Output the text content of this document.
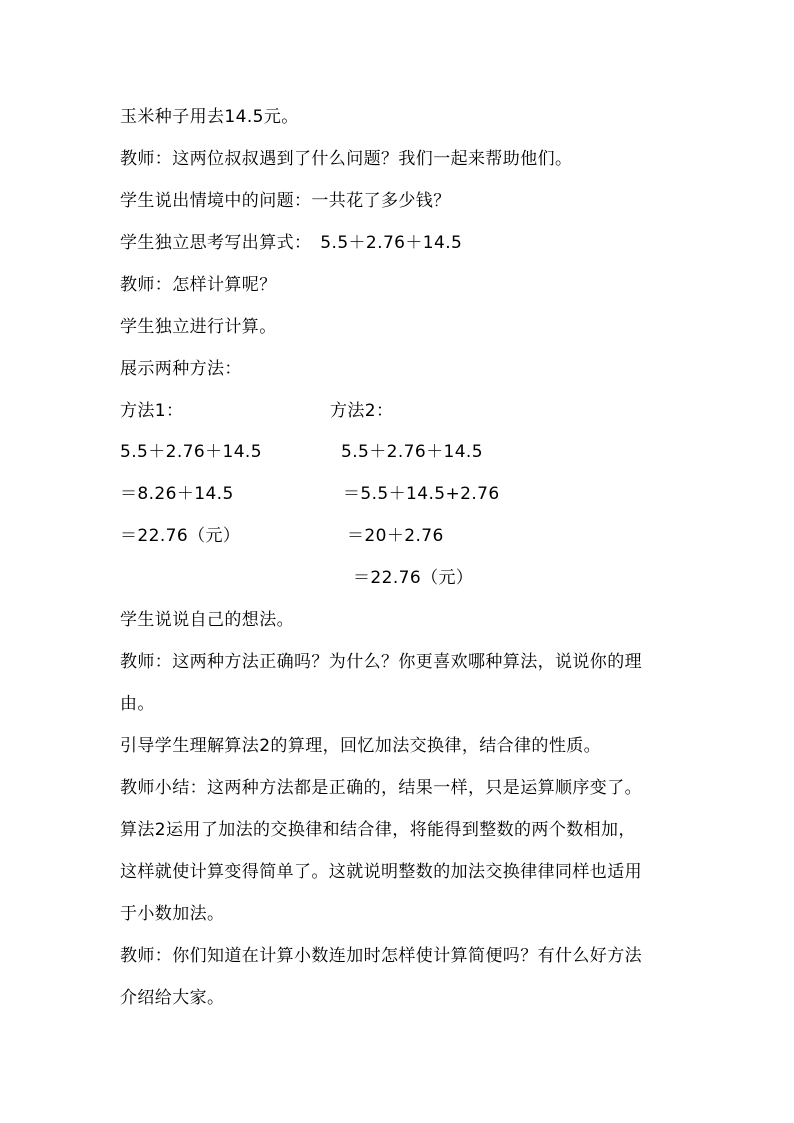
玉米种子用去14.5元。
教师：这两位叔叔遇到了什么问题？我们一起来帮助他们。
学生说出情境中的问题：一共花了多少钱？
学生独立思考写出算式：　5.5＋2.76＋14.5
教师：怎样计算呢？
学生独立进行计算。
展示两种方法：
方法1：	方法2：
5.5＋2.76＋14.5
＝8.26＋14.5
＝22.76（元）
5.5＋2.76＋14.5
＝5.5＋14.5+2.76
＝20＋2.76
＝22.76（元）
学生说说自己的想法。
教师：这两种方法正确吗？为什么？你更喜欢哪种算法，说说你的理
由。
引导学生理解算法2的算理，回忆加法交换律，结合律的性质。
教师小结：这两种方法都是正确的，结果一样，只是运算顺序变了。
算法2运用了加法的交换律和结合律，将能得到整数的两个数相加，
这样就使计算变得简单了。这就说明整数的加法交换律律同样也适用
于小数加法。
教师：你们知道在计算小数连加时怎样使计算简便吗？有什么好方法
介绍给大家。
